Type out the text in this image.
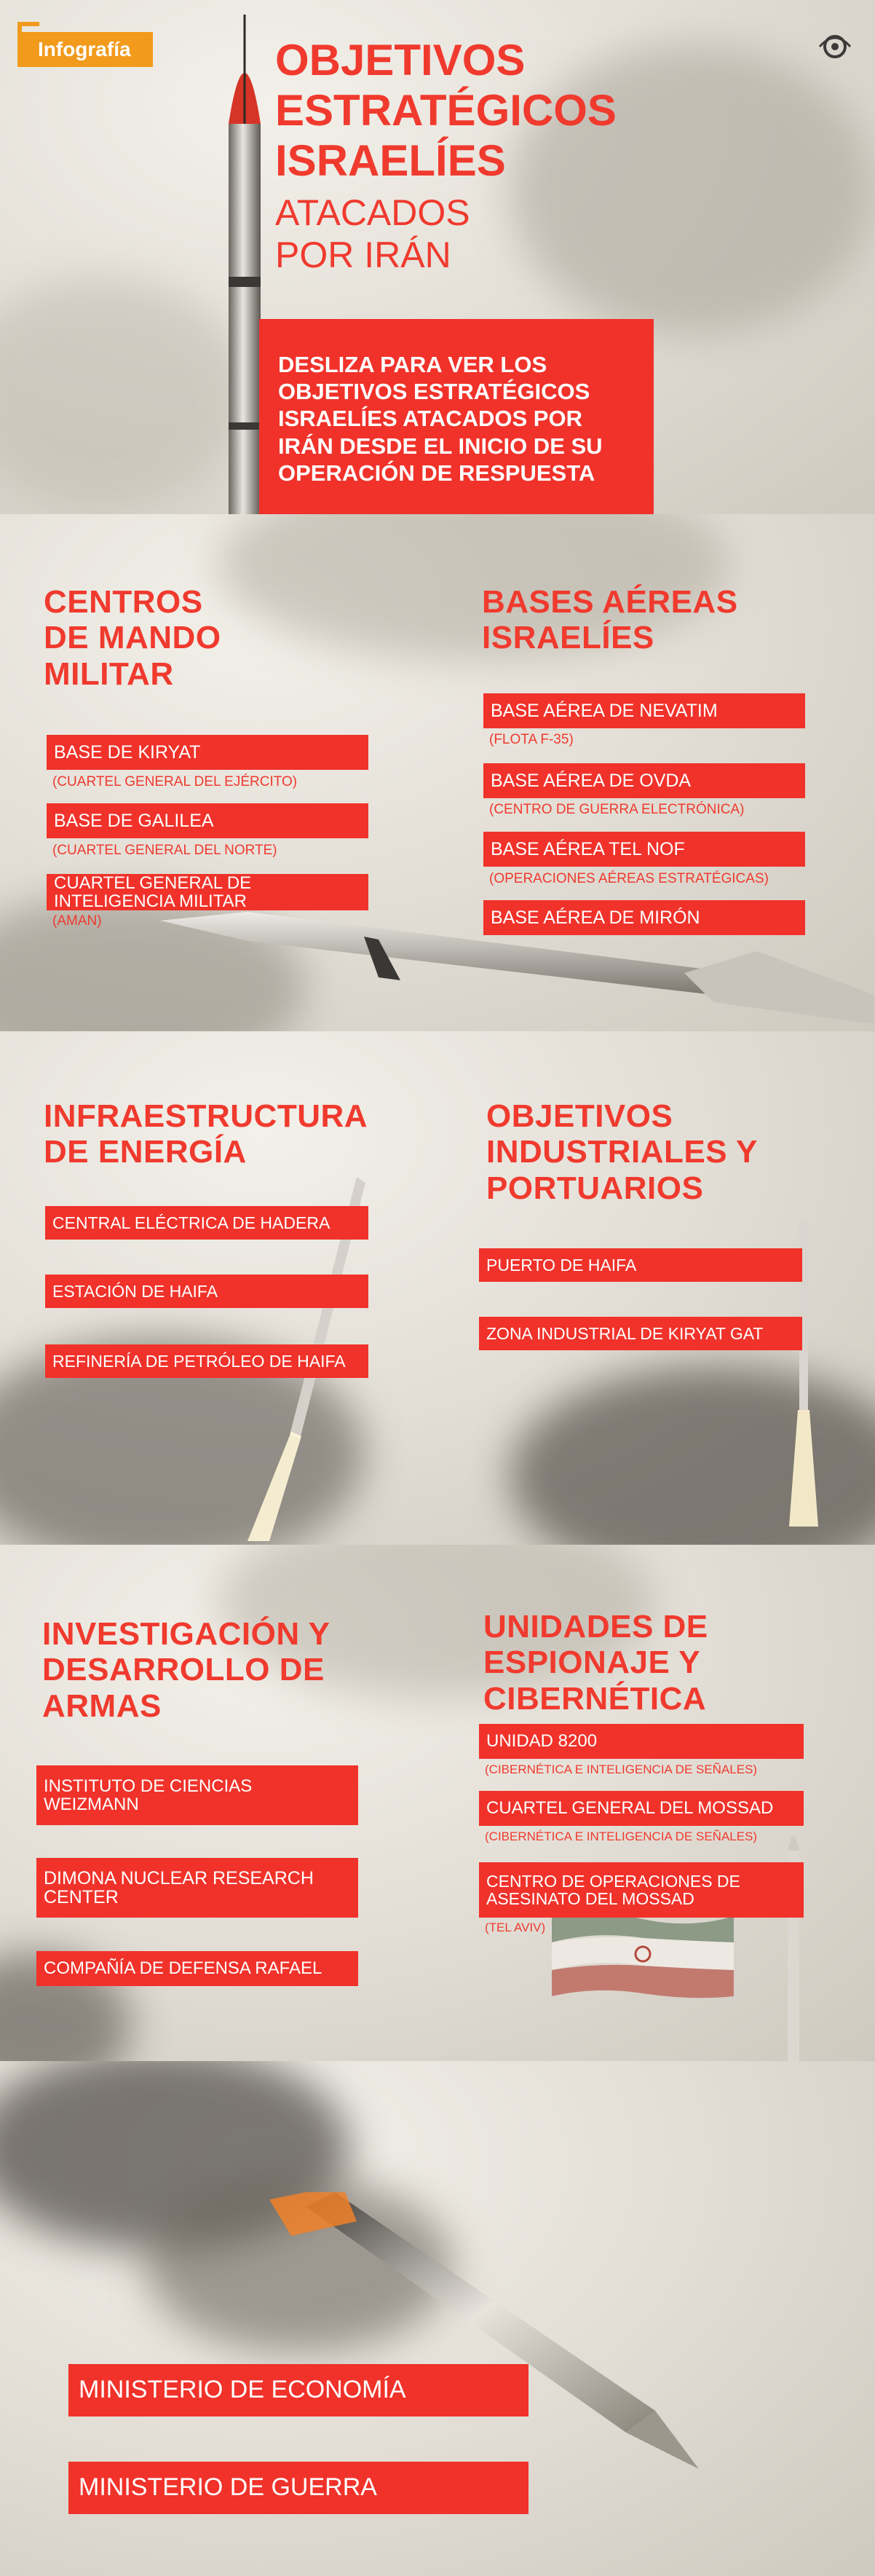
Infografía	OBJETIVOS
ESTRATÉGICOS
ISRAELÍES
ATACADOS
POR IRÁN
DESLIZA PARA VER LOS OBJETIVOS ESTRATÉGICOS ISRAELÍES ATACADOS POR IRÁN DESDE EL INICIO DE SU OPERACIÓN DE RESPUESTA
CENTROS
DE MANDO
MILITAR
BASE DE KIRYAT
(CUARTEL GENERAL DEL EJÉRCITO)
BASE DE GALILEA
(CUARTEL GENERAL DEL NORTE)
CUARTEL GENERAL DE INTELIGENCIA MILITAR
(AMAN)
BASES AÉREAS
ISRAELÍES
BASE AÉREA DE NEVATIM
(FLOTA F-35)
BASE AÉREA DE OVDA
(CENTRO DE GUERRA ELECTRÓNICA)
BASE AÉREA TEL NOF
(OPERACIONES AÉREAS ESTRATÉGICAS)
BASE AÉREA DE MIRÓN
INFRAESTRUCTURA
DE ENERGÍA
CENTRAL ELÉCTRICA DE HADERA
ESTACIÓN DE HAIFA
REFINERÍA DE PETRÓLEO DE HAIFA
OBJETIVOS
INDUSTRIALES Y
PORTUARIOS
PUERTO DE HAIFA
ZONA INDUSTRIAL DE KIRYAT GAT
INVESTIGACIÓN Y
DESARROLLO DE
ARMAS
INSTITUTO DE CIENCIAS WEIZMANN
DIMONA NUCLEAR RESEARCH CENTER
COMPAÑÍA DE DEFENSA RAFAEL
UNIDADES DE
ESPIONAJE Y
CIBERNÉTICA
UNIDAD 8200
(CIBERNÉTICA E INTELIGENCIA DE SEÑALES)
CUARTEL GENERAL DEL MOSSAD
(CIBERNÉTICA E INTELIGENCIA DE SEÑALES)
CENTRO DE OPERACIONES DE ASESINATO DEL MOSSAD
(TEL AVIV)
MINISTERIO DE ECONOMÍA
MINISTERIO DE GUERRA
